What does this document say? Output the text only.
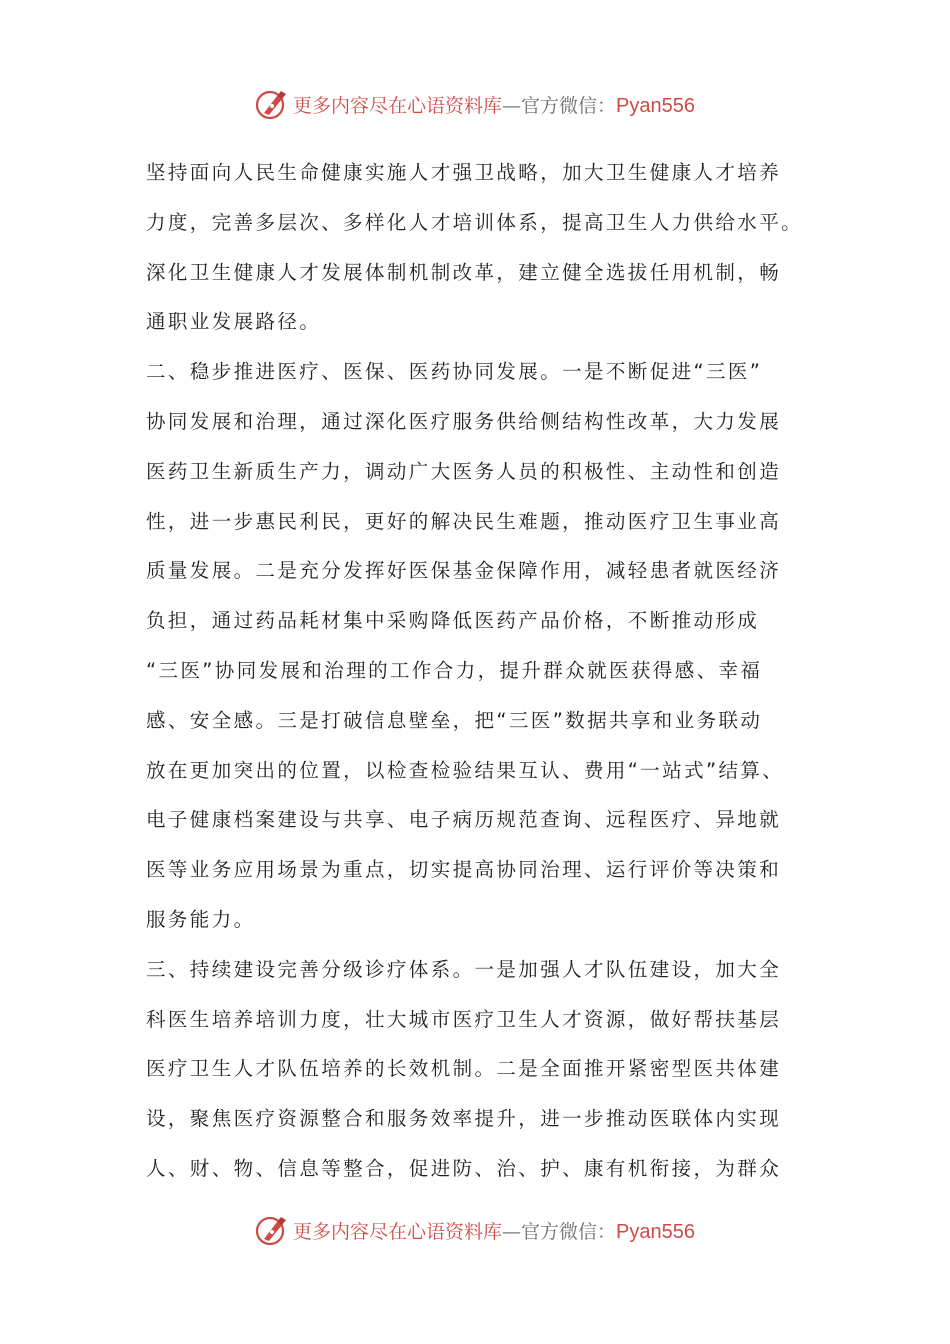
更多内容尽在心语资料库—官方微信：Pyan556
坚持面向人民生命健康实施人才强卫战略，加大卫生健康人才培养
力度，完善多层次、多样化人才培训体系，提高卫生人力供给水平。
深化卫生健康人才发展体制机制改革，建立健全选拔任用机制，畅
通职业发展路径。
二、稳步推进医疗、医保、医药协同发展。一是不断促进“三医”
协同发展和治理，通过深化医疗服务供给侧结构性改革，大力发展
医药卫生新质生产力，调动广大医务人员的积极性、主动性和创造
性，进一步惠民利民，更好的解决民生难题，推动医疗卫生事业高
质量发展。二是充分发挥好医保基金保障作用，减轻患者就医经济
负担，通过药品耗材集中采购降低医药产品价格，不断推动形成
“三医”协同发展和治理的工作合力，提升群众就医获得感、幸福
感、安全感。三是打破信息壁垒，把“三医”数据共享和业务联动
放在更加突出的位置，以检查检验结果互认、费用“一站式”结算、
电子健康档案建设与共享、电子病历规范查询、远程医疗、异地就
医等业务应用场景为重点，切实提高协同治理、运行评价等决策和
服务能力。
三、持续建设完善分级诊疗体系。一是加强人才队伍建设，加大全
科医生培养培训力度，壮大城市医疗卫生人才资源，做好帮扶基层
医疗卫生人才队伍培养的长效机制。二是全面推开紧密型医共体建
设，聚焦医疗资源整合和服务效率提升，进一步推动医联体内实现
人、财、物、信息等整合，促进防、治、护、康有机衔接，为群众
更多内容尽在心语资料库—官方微信：Pyan556
